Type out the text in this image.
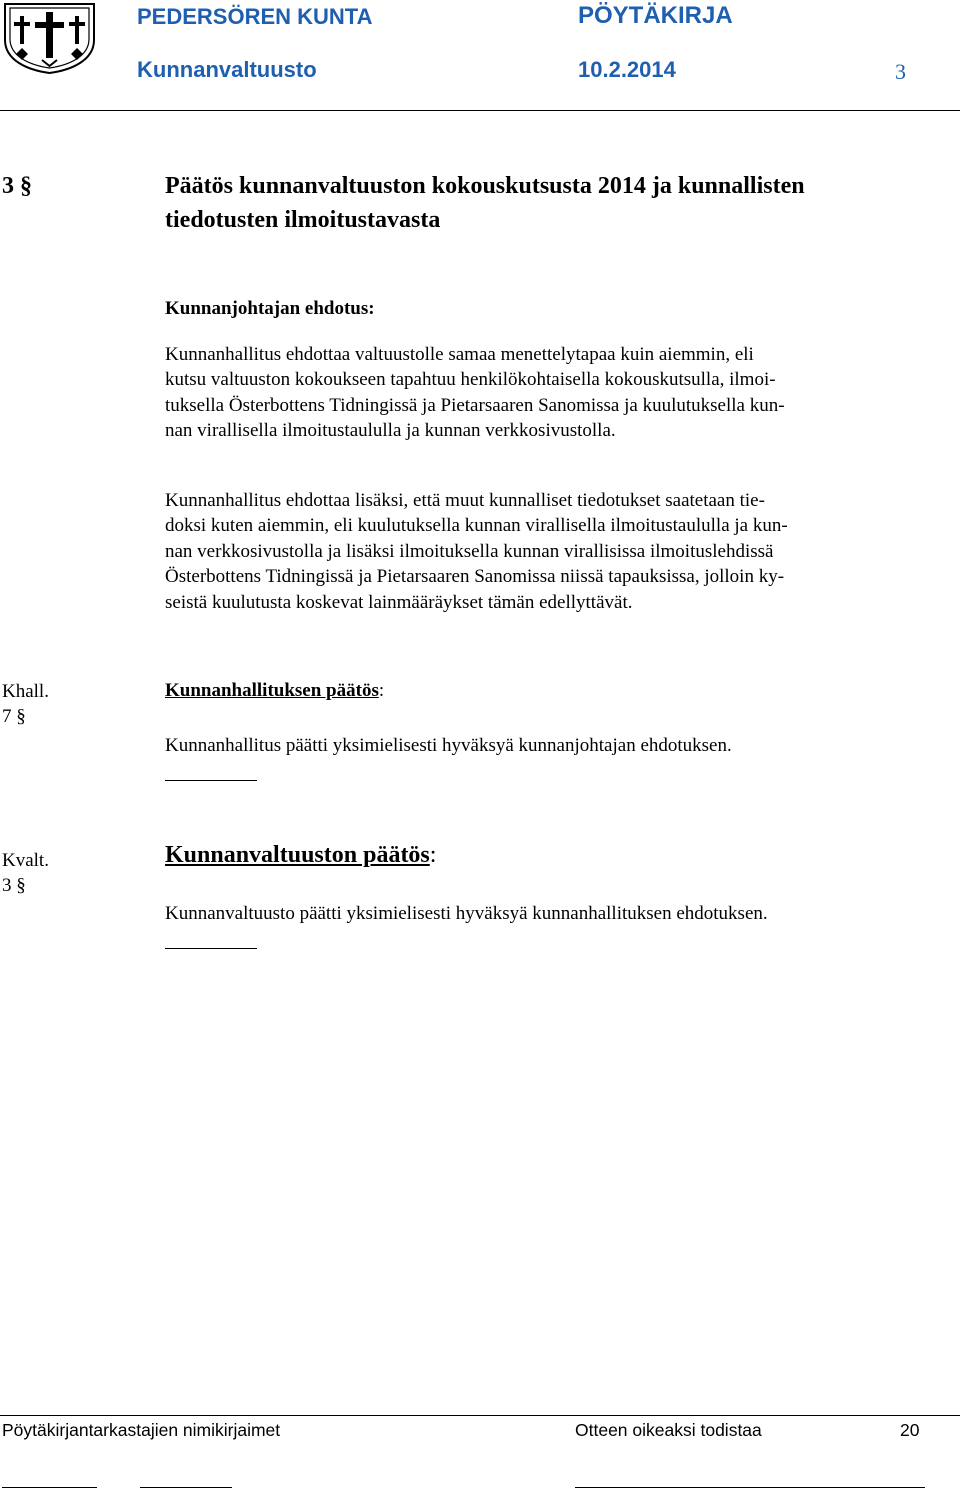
PEDERSÖREN KUNTA	PÖYTÄKIRJA
Kunnanvaltuusto	10.2.2014	3
3 §	Päätös kunnanvaltuuston kokouskutsusta 2014 ja kunnallisten
tiedotusten ilmoitustavasta
Kunnanjohtajan ehdotus:

Kunnanhallitus ehdottaa valtuustolle samaa menettelytapaa kuin aiemmin, eli

kutsu valtuuston kokoukseen tapahtuu henkilökohtaisella kokouskutsulla, ilmoi-

tuksella Österbottens Tidningissä ja Pietarsaaren Sanomissa ja kuulutuksella kun-

nan virallisella ilmoitustaululla ja kunnan verkkosivustolla.

Kunnanhallitus ehdottaa lisäksi, että muut kunnalliset tiedotukset saatetaan tie-

doksi kuten aiemmin, eli kuulutuksella kunnan virallisella ilmoitustaululla ja kun-

nan verkkosivustolla ja lisäksi ilmoituksella kunnan virallisissa ilmoituslehdissä

Österbottens Tidningissä ja Pietarsaaren Sanomissa niissä tapauksissa, jolloin ky-

seistä kuulutusta koskevat lainmääräykset tämän edellyttävät.

Khall.
7 §
Kunnanhallituksen päätös:
Kunnanhallitus päätti yksimielisesti hyväksyä kunnanjohtajan ehdotuksen.
Kvalt.
3 §
Kunnanvaltuuston päätös:
Kunnanvaltuusto päätti yksimielisesti hyväksyä kunnanhallituksen ehdotuksen.
Pöytäkirjantarkastajien nimikirjaimet	Otteen oikeaksi todistaa	20
